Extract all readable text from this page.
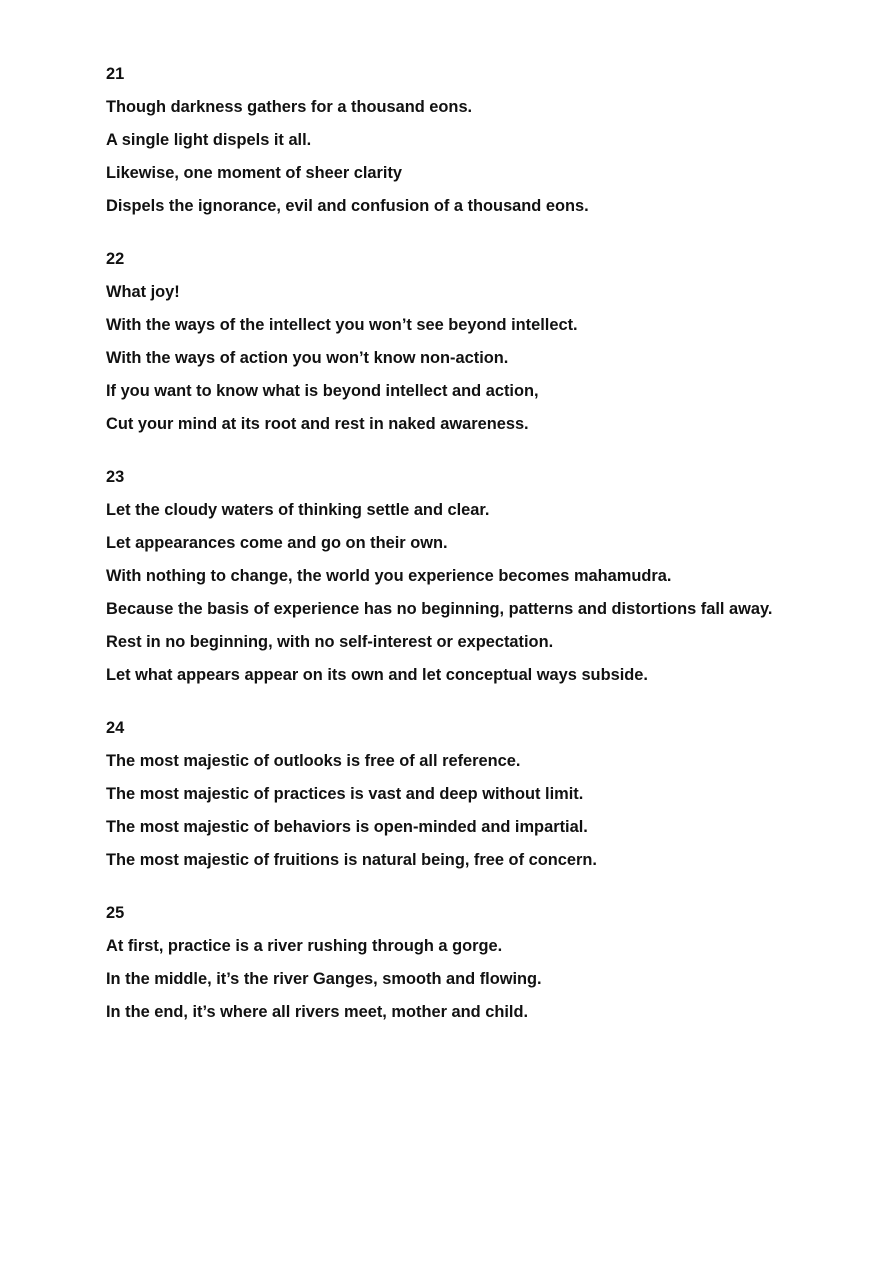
21
Though darkness gathers for a thousand eons.
A single light dispels it all.
Likewise, one moment of sheer clarity
Dispels the ignorance, evil and confusion of a thousand eons.
22
What joy!
With the ways of the intellect you won’t see beyond intellect.
With the ways of action you won’t know non-action.
If you want to know what is beyond intellect and action,
Cut your mind at its root and rest in naked awareness.
23
Let the cloudy waters of thinking settle and clear.
Let appearances come and go on their own.
With nothing to change, the world you experience becomes mahamudra.
Because the basis of experience has no beginning, patterns and distortions fall away.
Rest in no beginning, with no self-interest or expectation.
Let what appears appear on its own and let conceptual ways subside.
24
The most majestic of outlooks is free of all reference.
The most majestic of practices is vast and deep without limit.
The most majestic of behaviors is open-minded and impartial.
The most majestic of fruitions is natural being, free of concern.
25
At first, practice is a river rushing through a gorge.
In the middle, it’s the river Ganges, smooth and flowing.
In the end, it’s where all rivers meet, mother and child.
